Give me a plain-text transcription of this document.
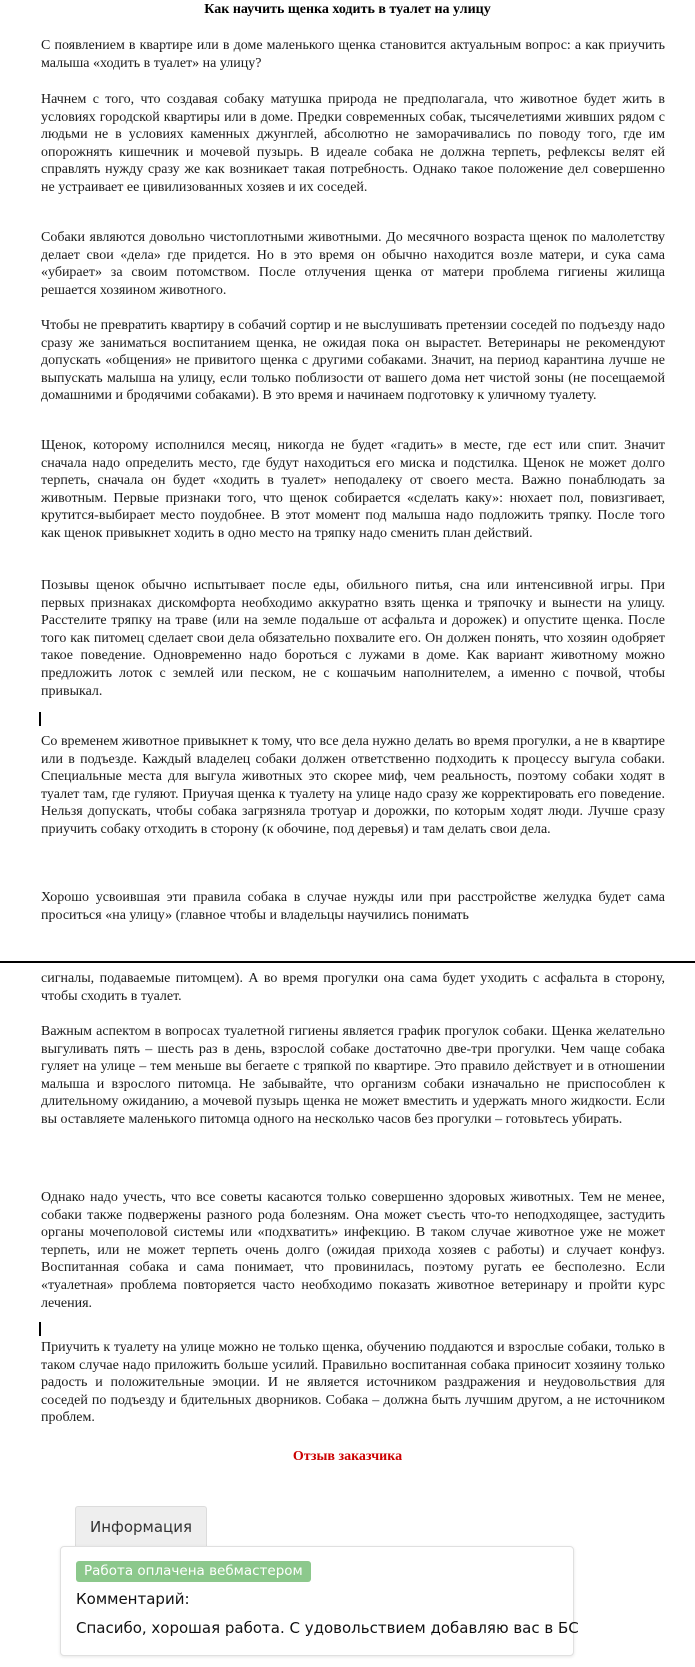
Как научить щенка ходить в туалет на улицу

С появлением в квартире или в доме маленького щенка становится актуальным вопрос: а как приучить малыша «ходить в туалет» на улицу?

Начнем с того, что создавая собаку матушка природа не предполагала, что животное будет жить в условиях городской квартиры или в доме. Предки современных собак, тысячелетиями живших рядом с людьми не в условиях каменных джунглей, абсолютно не заморачивались по поводу того, где им опорожнять кишечник и мочевой пузырь. В идеале собака не должна терпеть, рефлексы велят ей справлять нужду сразу же как возникает такая потребность. Однако такое положение дел совершенно не устраивает ее цивилизованных хозяев и их соседей.

Собаки являются довольно чистоплотными животными. До месячного возраста щенок по малолетству делает свои «дела» где придется. Но в это время он обычно находится возле матери, и сука сама «убирает» за своим потомством. После отлучения щенка от матери проблема гигиены жилища решается хозяином животного.

Чтобы не превратить квартиру в собачий сортир и не выслушивать претензии соседей по подъезду надо сразу же заниматься воспитанием щенка, не ожидая пока он вырастет. Ветеринары не рекомендуют допускать «общения» не привитого щенка с другими собаками. Значит, на период карантина лучше не выпускать малыша на улицу, если только поблизости от вашего дома нет чистой зоны (не посещаемой домашними и бродячими собаками). В это время и начинаем подготовку к уличному туалету.

Щенок, которому исполнился месяц, никогда не будет «гадить» в месте, где ест или спит. Значит сначала надо определить место, где будут находиться его миска и подстилка. Щенок не может долго терпеть, сначала он будет «ходить в туалет» неподалеку от своего места. Важно понаблюдать за животным. Первые признаки того, что щенок собирается «сделать каку»: нюхает пол, повизгивает, крутится-выбирает место поудобнее. В этот момент под малыша надо подложить тряпку. После того как щенок привыкнет ходить в одно место на тряпку надо сменить план действий.

Позывы щенок обычно испытывает после еды, обильного питья, сна или интенсивной игры. При первых признаках дискомфорта необходимо аккуратно взять щенка и тряпочку и вынести на улицу. Расстелите тряпку на траве (или на земле подальше от асфальта и дорожек) и опустите щенка. После того как питомец сделает свои дела обязательно похвалите его. Он должен понять, что хозяин одобряет такое поведение. Одновременно надо бороться с лужами в доме. Как вариант животному можно предложить лоток с землей или песком, не с кошачьим наполнителем, а именно с почвой, чтобы привыкал.

Со временем животное привыкнет к тому, что все дела нужно делать во время прогулки, а не в квартире или в подъезде. Каждый владелец собаки должен ответственно подходить к процессу выгула собаки. Специальные места для выгула животных это скорее миф, чем реальность, поэтому собаки ходят в туалет там, где гуляют. Приучая щенка к туалету на улице надо сразу же корректировать его поведение. Нельзя допускать, чтобы собака загрязняла тротуар и дорожки, по которым ходят люди. Лучше сразу приучить собаку отходить в сторону (к обочине, под деревья) и там делать свои дела.

Хорошо усвоившая эти правила собака в случае нужды или при расстройстве желудка будет сама проситься «на улицу» (главное чтобы и владельцы научились понимать

сигналы, подаваемые питомцем). А во время прогулки она сама будет уходить с асфальта в сторону, чтобы сходить в туалет.

Важным аспектом в вопросах туалетной гигиены является график прогулок собаки. Щенка желательно выгуливать пять – шесть раз в день, взрослой собаке достаточно две-три прогулки. Чем чаще собака гуляет на улице – тем меньше вы бегаете с тряпкой по квартире. Это правило действует и в отношении малыша и взрослого питомца. Не забывайте, что организм собаки изначально не приспособлен к длительному ожиданию, а мочевой пузырь щенка не может вместить и удержать много жидкости. Если вы оставляете маленького питомца одного на несколько часов без прогулки – готовьтесь убирать.

Однако надо учесть, что все советы касаются только совершенно здоровых животных. Тем не менее, собаки также подвержены разного рода болезням. Она может съесть что-то неподходящее, застудить органы мочеполовой системы или «подхватить» инфекцию. В таком случае животное уже не может терпеть, или не может терпеть очень долго (ожидая прихода хозяев с работы) и случает конфуз. Воспитанная собака и сама понимает, что провинилась, поэтому ругать ее бесполезно. Если «туалетная» проблема повторяется часто необходимо показать животное ветеринару и пройти курс лечения.

Приучить к туалету на улице можно не только щенка, обучению поддаются и взрослые собаки, только в таком случае надо приложить больше усилий. Правильно воспитанная собака приносит хозяину только радость и положительные эмоции. И не является источником раздражения и неудовольствия для соседей по подъезду и бдительных дворников. Собака – должна быть лучшим другом, а не источником проблем.

Отзыв заказчика
Информация
Работа оплачена вебмастером
Комментарий:
Спасибо, хорошая работа. С удовольствием добавляю вас в БС
